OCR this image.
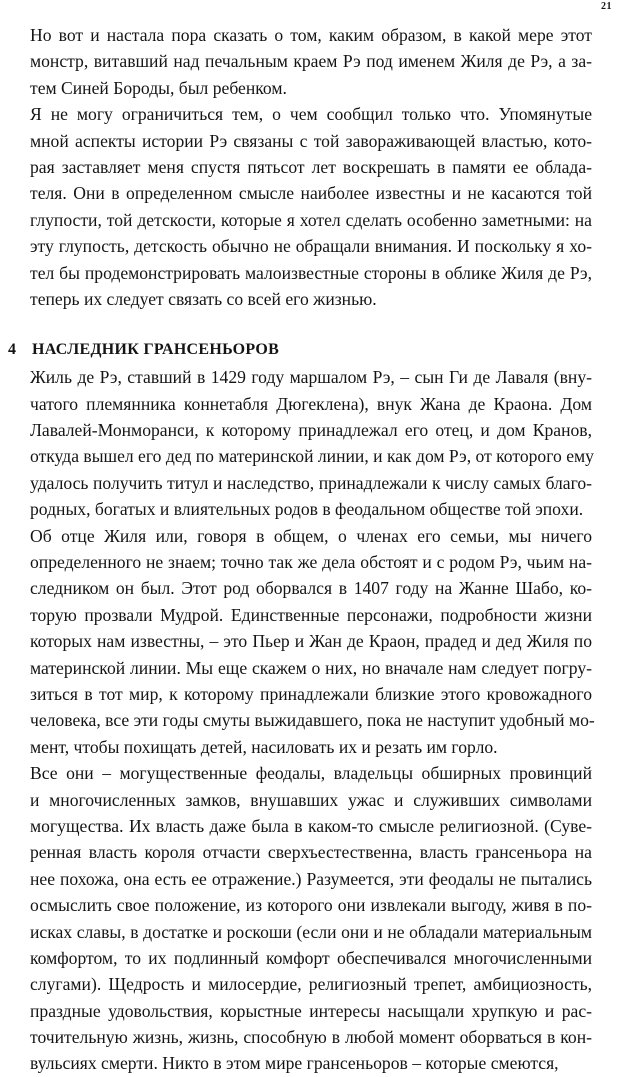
21
Но вот и настала пора сказать о том, каким образом, в какой мере этот
монстр, витавший над печальным краем Рэ под именем Жиля де Рэ, а за-
тем Синей Бороды, был ребенком.
Я не могу ограничиться тем, о чем сообщил только что. Упомянутые
мной аспекты истории Рэ связаны с той завораживающей властью, кото-
рая заставляет меня спустя пятьсот лет воскрешать в памяти ее облада-
теля. Они в определенном смысле наиболее известны и не касаются той
глупости, той детскости, которые я хотел сделать особенно заметными: на
эту глупость, детскость обычно не обращали внимания. И поскольку я хо-
тел бы продемонстрировать малоизвестные стороны в облике Жиля де Рэ,
теперь их следует связать со всей его жизнью.
4 НАСЛЕДНИК ГРАНСЕНЬОРОВ
Жиль де Рэ, ставший в 1429 году маршалом Рэ, – сын Ги де Лаваля (вну-
чатого племянника коннетабля Дюгеклена), внук Жана де Краона. Дом
Лавалей-Монморанси, к которому принадлежал его отец, и дом Кранов,
откуда вышел его дед по материнской линии, и как дом Рэ, от которого ему
удалось получить титул и наследство, принадлежали к числу самых благо-
родных, богатых и влиятельных родов в феодальном обществе той эпохи.
Об отце Жиля или, говоря в общем, о членах его семьи, мы ничего
определенного не знаем; точно так же дела обстоят и с родом Рэ, чьим на-
следником он был. Этот род оборвался в 1407 году на Жанне Шабо, ко-
торую прозвали Мудрой. Единственные персонажи, подробности жизни
которых нам известны, – это Пьер и Жан де Краон, прадед и дед Жиля по
материнской линии. Мы еще скажем о них, но вначале нам следует погру-
зиться в тот мир, к которому принадлежали близкие этого кровожадного
человека, все эти годы смуты выжидавшего, пока не наступит удобный мо-
мент, чтобы похищать детей, насиловать их и резать им горло.
Все они – могущественные феодалы, владельцы обширных провинций
и многочисленных замков, внушавших ужас и служивших символами
могущества. Их власть даже была в каком-то смысле религиозной. (Суве-
ренная власть короля отчасти сверхъестественна, власть грансеньора на
нее похожа, она есть ее отражение.) Разумеется, эти феодалы не пытались
осмыслить свое положение, из которого они извлекали выгоду, живя в по-
исках славы, в достатке и роскоши (если они и не обладали материальным
комфортом, то их подлинный комфорт обеспечивался многочисленными
слугами). Щедрость и милосердие, религиозный трепет, амбициозность,
праздные удовольствия, корыстные интересы насыщали хрупкую и рас-
точительную жизнь, жизнь, способную в любой момент оборваться в кон-
вульсиях смерти. Никто в этом мире грансеньоров – которые смеются,
